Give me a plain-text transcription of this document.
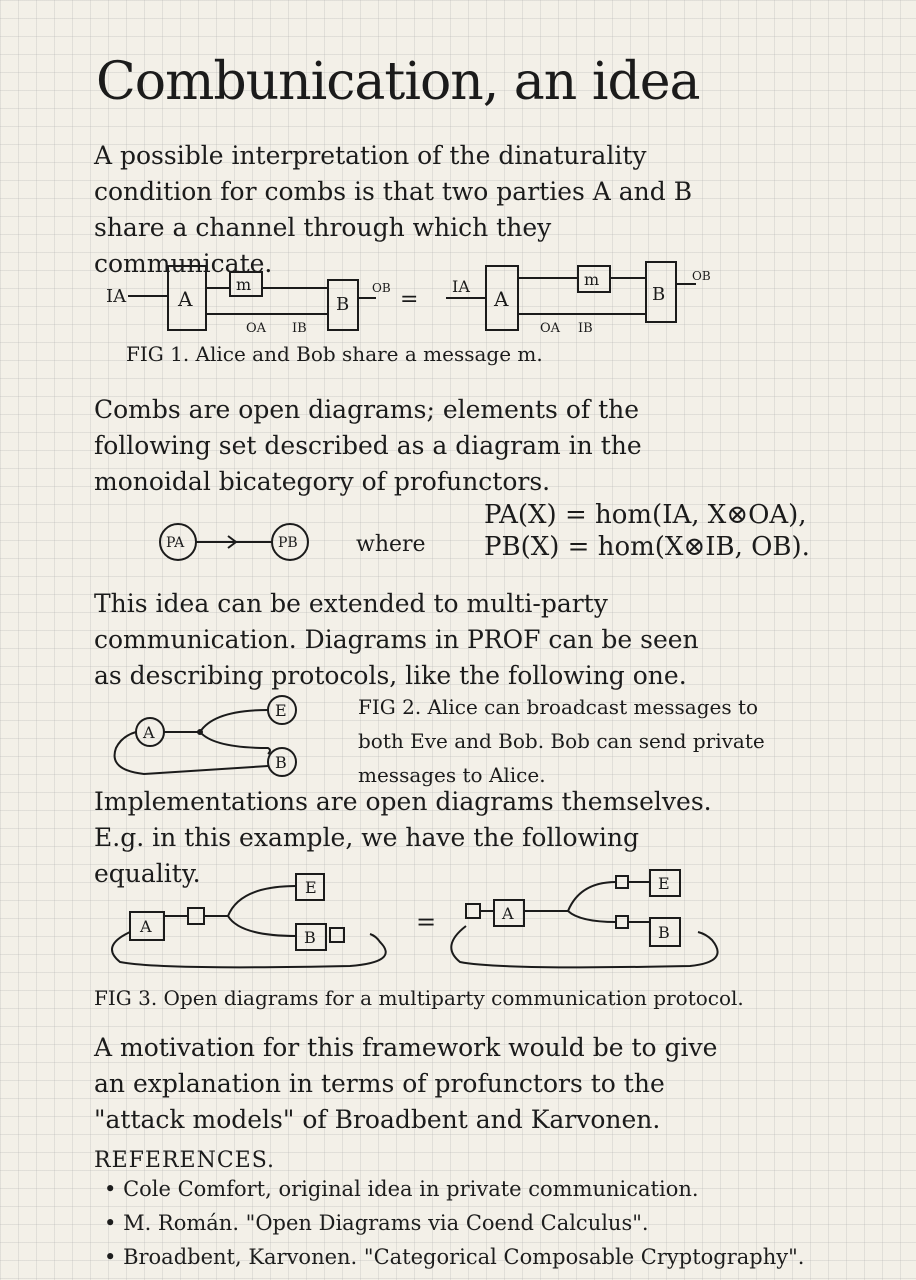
Combunication, an idea
A possible interpretation of the dinaturality condition for combs is that two parties A and B share a channel through which they communicate.
IA	A
m
B
OB
OA IB
=
IA
A
m
B
OB
OA IB
FIG 1. Alice and Bob share a message m.
Combs are open diagrams; elements of the following set described as a diagram in the monoidal bicategory of profunctors.
PA	PB	where
PA(X) = hom(IA, X⊗OA),
PB(X) = hom(X⊗IB, OB).
This idea can be extended to multi-party communication. Diagrams in PROF can be seen as describing protocols, like the following one.
A
E
B
FIG 2. Alice can broadcast messages to both Eve and Bob. Bob can send private messages to Alice.
Implementations are open diagrams themselves. E.g. in this example, we have the following equality.
A
E
B
=	A
E
B
FIG 3. Open diagrams for a multiparty communication protocol.
A motivation for this framework would be to give an explanation in terms of profunctors to the "attack models" of Broadbent and Karvonen.
REFERENCES.
• Cole Comfort, original idea in private communication.
• M. Román. "Open Diagrams via Coend Calculus".
• Broadbent, Karvonen. "Categorical Composable Cryptography".
